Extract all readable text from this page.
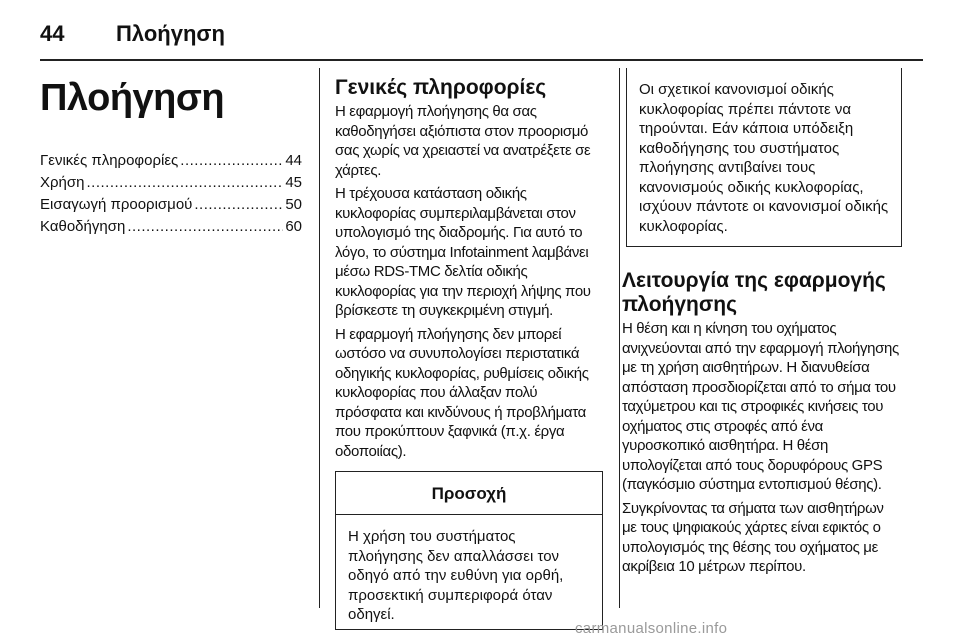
44	Πλοήγηση
Πλοήγηση
Γενικές πληροφορίες .....	44
Χρήση .....	45
Εισαγωγή προορισμού .....	50
Καθοδήγηση .....	60
Γενικές πληροφορίες

Η εφαρμογή πλοήγησης θα σας καθοδηγήσει αξιόπιστα στον προορισμό σας χωρίς να χρειαστεί να ανατρέξετε σε χάρτες.

Η τρέχουσα κατάσταση οδικής κυκλοφορίας συμπεριλαμβάνεται στον υπολογισμό της διαδρομής. Για αυτό το λόγο, το σύστημα Infotainment λαμβάνει μέσω RDS-TMC δελτία οδικής κυκλοφορίας για την περιοχή λήψης που βρίσκεστε τη συγκεκριμένη στιγμή.

Η εφαρμογή πλοήγησης δεν μπορεί ωστόσο να συνυπολογίσει περιστατικά οδηγικής κυκλοφορίας, ρυθμίσεις οδικής κυκλοφορίας που άλλαξαν πολύ πρόσφατα και κινδύνους ή προβλήματα που προκύπτουν ξαφνικά (π.χ. έργα οδοποιίας).

Προσοχή
Η χρήση του συστήματος πλοήγησης δεν απαλλάσσει τον οδηγό από την ευθύνη για ορθή, προσεκτική συμπεριφορά όταν οδηγεί.
Οι σχετικοί κανονισμοί οδικής κυκλοφορίας πρέπει πάντοτε να τηρούνται. Εάν κάποια υπόδειξη καθοδήγησης του συστήματος πλοήγησης αντιβαίνει τους κανονισμούς οδικής κυκλοφορίας, ισχύουν πάντοτε οι κανονισμοί οδικής κυκλοφορίας.
Λειτουργία της εφαρμογής πλοήγησης

Η θέση και η κίνηση του οχήματος ανιχνεύονται από την εφαρμογή πλοήγησης με τη χρήση αισθητήρων. Η διανυθείσα απόσταση προσδιορίζεται από το σήμα του ταχύμετρου και τις στροφικές κινήσεις του οχήματος στις στροφές από ένα γυροσκοπικό αισθητήρα. Η θέση υπολογίζεται από τους δορυφόρους GPS (παγκόσμιο σύστημα εντοπισμού θέσης).

Συγκρίνοντας τα σήματα των αισθητήρων με τους ψηφιακούς χάρτες είναι εφικτός ο υπολογισμός της θέσης του οχήματος με ακρίβεια 10 μέτρων περίπου.

carmanualsonline.info
